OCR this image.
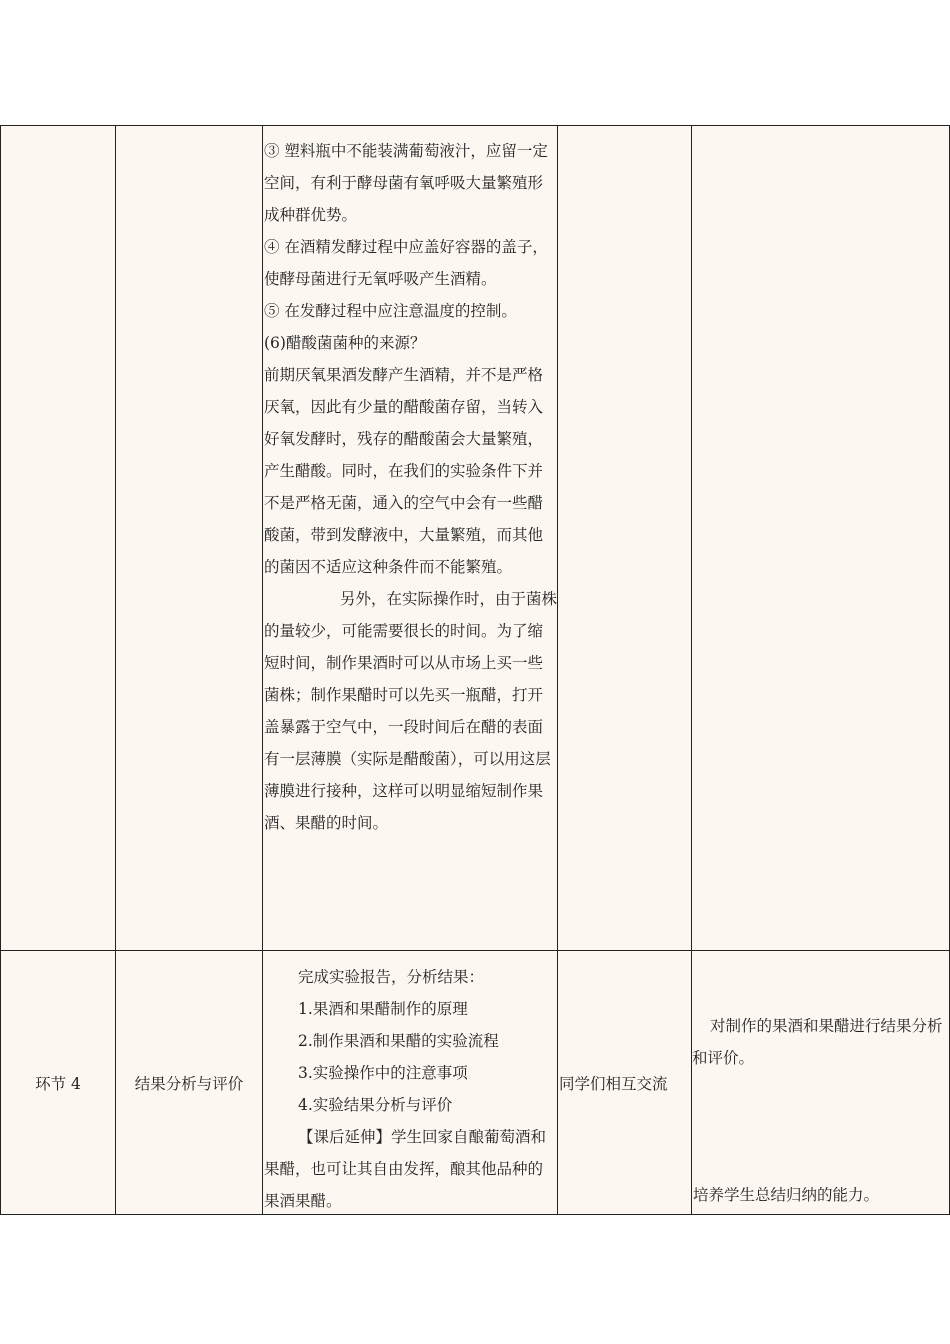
③ 塑料瓶中不能装满葡萄液汁，应留一定空间，有利于酵母菌有氧呼吸大量繁殖形成种群优势。

④ 在酒精发酵过程中应盖好容器的盖子，使酵母菌进行无氧呼吸产生酒精。

⑤ 在发酵过程中应注意温度的控制。

(6)醋酸菌菌种的来源？

前期厌氧果酒发酵产生酒精，并不是严格厌氧，因此有少量的醋酸菌存留，当转入好氧发酵时，残存的醋酸菌会大量繁殖，产生醋酸。同时，在我们的实验条件下并不是严格无菌，通入的空气中会有一些醋酸菌，带到发酵液中，大量繁殖，而其他的菌因不适应这种条件而不能繁殖。

另外，在实际操作时，由于菌株的量较少，可能需要很长的时间。为了缩短时间，制作果酒时可以从市场上买一些菌株；制作果醋时可以先买一瓶醋，打开盖暴露于空气中，一段时间后在醋的表面有一层薄膜（实际是醋酸菌），可以用这层薄膜进行接种，这样可以明显缩短制作果酒、果醋的时间。

环节 4	结果分析与评价

完成实验报告，分析结果：

1.果酒和果醋制作的原理

2.制作果酒和果醋的实验流程

3.实验操作中的注意事项

4.实验结果分析与评价

【课后延伸】学生回家自酿葡萄酒和果醋，也可让其自由发挥，酿其他品种的果酒果醋。

同学们相互交流

对制作的果酒和果醋进行结果分析和评价。

培养学生总结归纳的能力。
